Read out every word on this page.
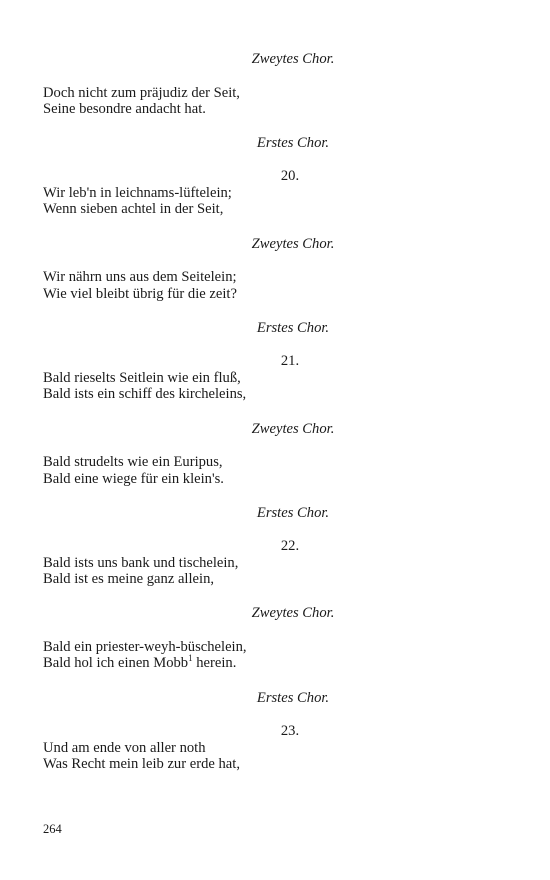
Zweytes Chor.
Doch nicht zum präjudiz der Seit,
Seine besondre andacht hat.
Erstes Chor.
20.
Wir leb'n in leichnams-lüftelein;
Wenn sieben achtel in der Seit,
Zweytes Chor.
Wir nährn uns aus dem Seitelein;
Wie viel bleibt übrig für die zeit?
Erstes Chor.
21.
Bald rieselts Seitlein wie ein fluß,
Bald ists ein schiff des kircheleins,
Zweytes Chor.
Bald strudelts wie ein Euripus,
Bald eine wiege für ein klein's.
Erstes Chor.
22.
Bald ists uns bank und tischelein,
Bald ist es meine ganz allein,
Zweytes Chor.
Bald ein priester-weyh-büschelein,
Bald hol ich einen Mobb$^1$ herein.
Erstes Chor.
23.
Und am ende von aller noth
Was Recht mein leib zur erde hat,
264
